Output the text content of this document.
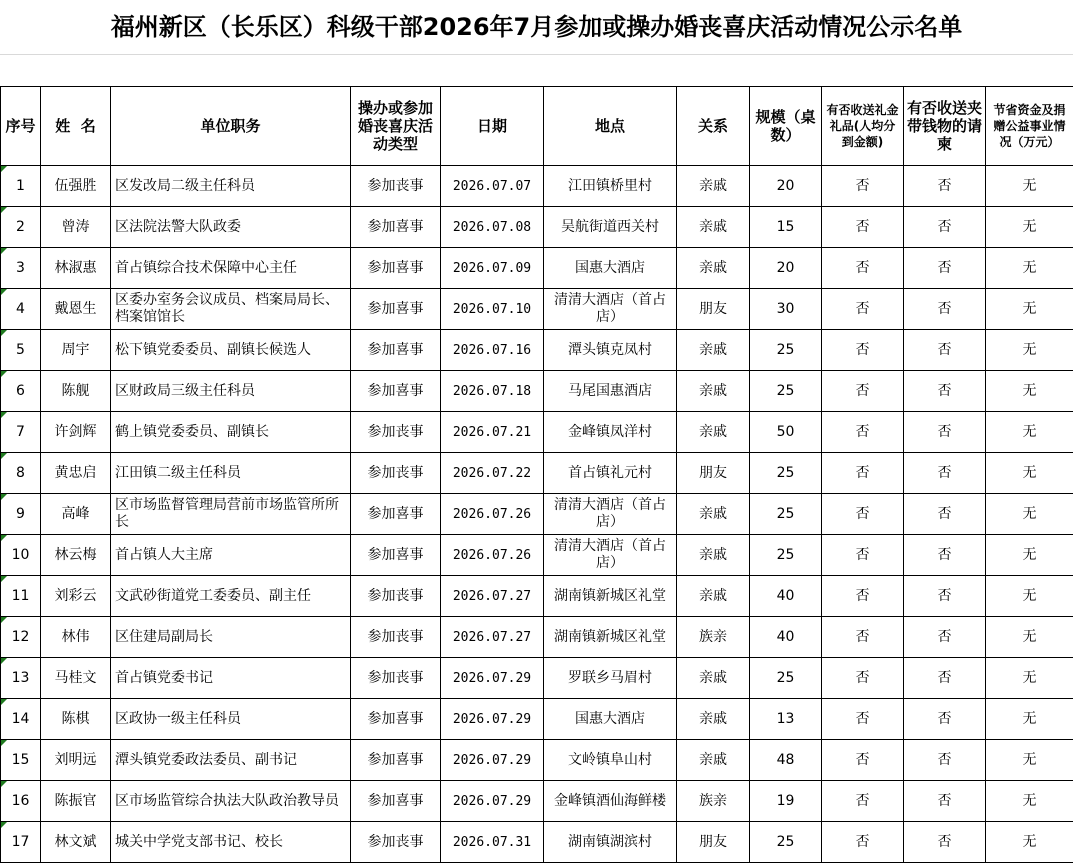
福州新区（长乐区）科级干部2026年7月参加或操办婚丧喜庆活动情况公示名单
序号	姓  名	单位职务	操办或参加婚丧喜庆活动类型	日期	地点	关系	规模（桌数）	有否收送礼金礼品(人均分到金额)	有否收送夹带钱物的请柬	节省资金及捐赠公益事业情况（万元）
1	伍强胜	区发改局二级主任科员	参加丧事	2026.07.07	江田镇桥里村	亲戚	20	否	否	无
2	曾涛	区法院法警大队政委	参加喜事	2026.07.08	吴航街道西关村	亲戚	15	否	否	无
3	林淑惠	首占镇综合技术保障中心主任	参加喜事	2026.07.09	国惠大酒店	亲戚	20	否	否	无
4	戴恩生	区委办室务会议成员、档案局局长、档案馆馆长	参加喜事	2026.07.10	清清大酒店（首占店）	朋友	30	否	否	无
5	周宇	松下镇党委委员、副镇长候选人	参加喜事	2026.07.16	潭头镇克凤村	亲戚	25	否	否	无
6	陈舰	区财政局三级主任科员	参加喜事	2026.07.18	马尾国惠酒店	亲戚	25	否	否	无
7	许剑辉	鹤上镇党委委员、副镇长	参加丧事	2026.07.21	金峰镇凤洋村	亲戚	50	否	否	无
8	黄忠启	江田镇二级主任科员	参加丧事	2026.07.22	首占镇礼元村	朋友	25	否	否	无
9	高峰	区市场监督管理局营前市场监管所所长	参加喜事	2026.07.26	清清大酒店（首占店）	亲戚	25	否	否	无
10	林云梅	首占镇人大主席	参加喜事	2026.07.26	清清大酒店（首占店）	亲戚	25	否	否	无
11	刘彩云	文武砂街道党工委委员、副主任	参加丧事	2026.07.27	湖南镇新城区礼堂	亲戚	40	否	否	无
12	林伟	区住建局副局长	参加丧事	2026.07.27	湖南镇新城区礼堂	族亲	40	否	否	无
13	马桂文	首占镇党委书记	参加丧事	2026.07.29	罗联乡马眉村	亲戚	25	否	否	无
14	陈棋	区政协一级主任科员	参加喜事	2026.07.29	国惠大酒店	亲戚	13	否	否	无
15	刘明远	潭头镇党委政法委员、副书记	参加喜事	2026.07.29	文岭镇阜山村	亲戚	48	否	否	无
16	陈振官	区市场监管综合执法大队政治教导员	参加喜事	2026.07.29	金峰镇酒仙海鲜楼	族亲	19	否	否	无
17	林文斌	城关中学党支部书记、校长	参加丧事	2026.07.31	湖南镇湖滨村	朋友	25	否	否	无
